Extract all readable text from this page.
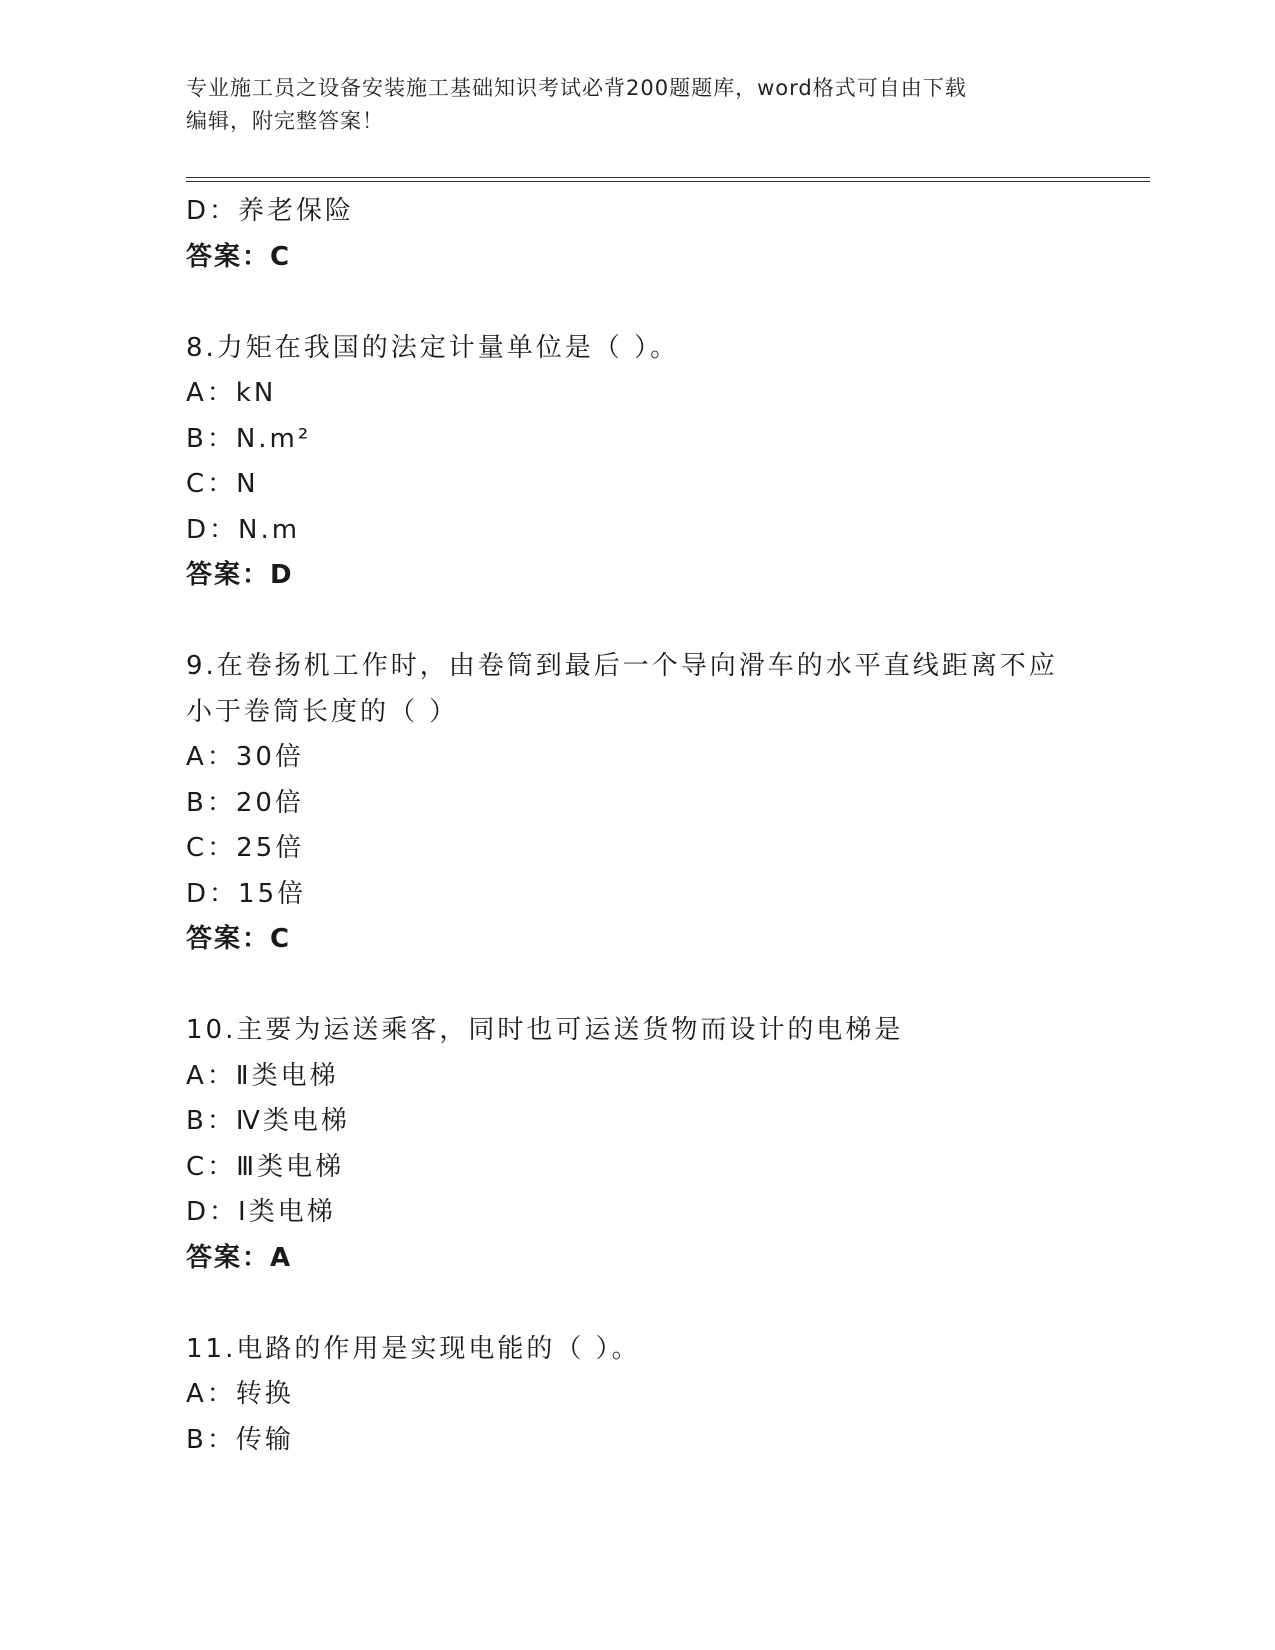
专业施工员之设备安装施工基础知识考试必背200题题库，word格式可自由下载
编辑，附完整答案！
D：养老保险
答案：C
8.力矩在我国的法定计量单位是（ ）。
A：kN
B：N.m²
C：N
D：N.m
答案：D
9.在卷扬机工作时，由卷筒到最后一个导向滑车的水平直线距离不应
小于卷筒长度的（ ）
A：30倍
B：20倍
C：25倍
D：15倍
答案：C
10.主要为运送乘客，同时也可运送货物而设计的电梯是
A：Ⅱ类电梯
B：Ⅳ类电梯
C：Ⅲ类电梯
D：Ⅰ类电梯
答案：A
11.电路的作用是实现电能的（ ）。
A：转换
B：传输
